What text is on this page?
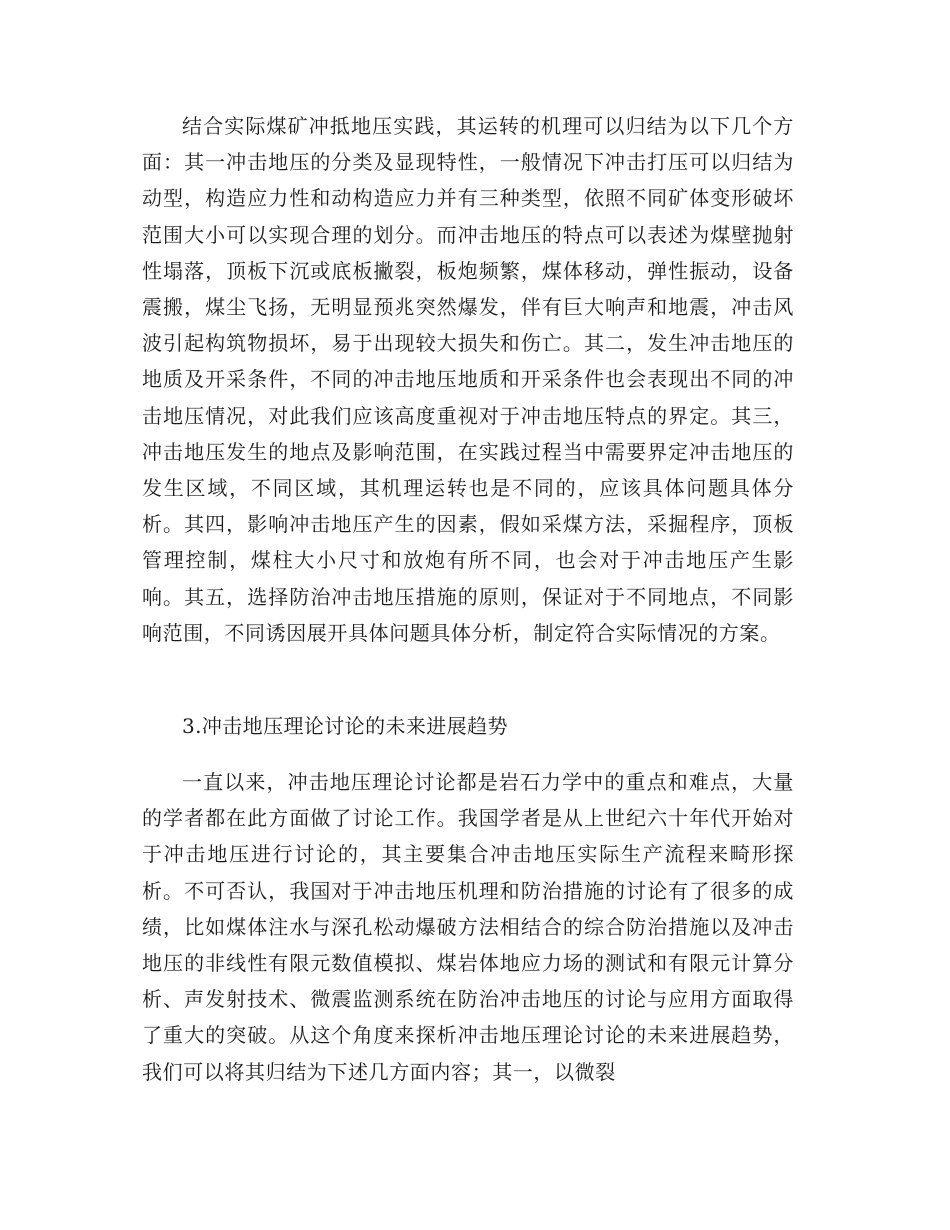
结合实际煤矿冲抵地压实践，其运转的机理可以归结为以下几个方面：其一冲击地压的分类及显现特性，一般情况下冲击打压可以归结为动型，构造应力性和动构造应力并有三种类型，依照不同矿体变形破坏范围大小可以实现合理的划分。而冲击地压的特点可以表述为煤壁抛射性塌落，顶板下沉或底板撇裂，板炮频繁，煤体移动，弹性振动，设备震搬，煤尘飞扬，无明显预兆突然爆发，伴有巨大响声和地震，冲击风波引起构筑物损坏，易于出现较大损失和伤亡。其二，发生冲击地压的地质及开采条件，不同的冲击地压地质和开采条件也会表现出不同的冲击地压情况，对此我们应该高度重视对于冲击地压特点的界定。其三，冲击地压发生的地点及影响范围，在实践过程当中需要界定冲击地压的发生区域，不同区域，其机理运转也是不同的，应该具体问题具体分析。其四，影响冲击地压产生的因素，假如采煤方法，采掘程序，顶板管理控制，煤柱大小尺寸和放炮有所不同，也会对于冲击地压产生影响。其五，选择防治冲击地压措施的原则，保证对于不同地点，不同影响范围，不同诱因展开具体问题具体分析，制定符合实际情况的方案。

3.冲击地压理论讨论的未来进展趋势

一直以来，冲击地压理论讨论都是岩石力学中的重点和难点，大量的学者都在此方面做了讨论工作。我国学者是从上世纪六十年代开始对于冲击地压进行讨论的，其主要集合冲击地压实际生产流程来畸形探析。不可否认，我国对于冲击地压机理和防治措施的讨论有了很多的成绩，比如煤体注水与深孔松动爆破方法相结合的综合防治措施以及冲击地压的非线性有限元数值模拟、煤岩体地应力场的测试和有限元计算分析、声发射技术、微震监测系统在防治冲击地压的讨论与应用方面取得了重大的突破。从这个角度来探析冲击地压理论讨论的未来进展趋势，我们可以将其归结为下述几方面内容；其一，以微裂
